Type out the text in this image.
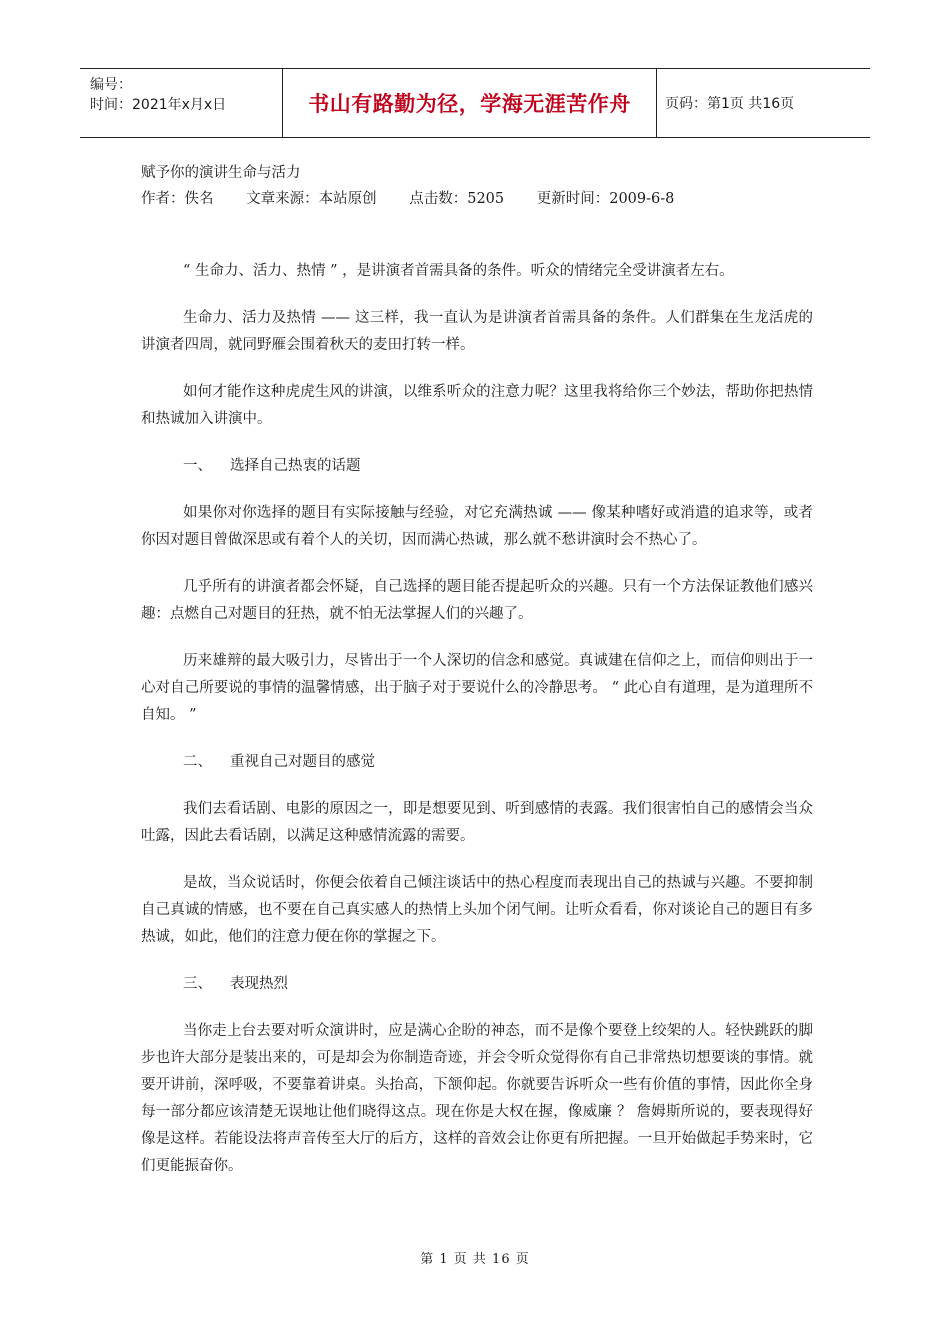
编号：
时间：2021年x月x日	书山有路勤为径，学海无涯苦作舟	页码：第1页 共16页
赋予你的演讲生命与活力
作者：佚名 文章来源：本站原创 点击数：5205 更新时间：2009-6-8

“ 生命力、活力、热情 ” ，是讲演者首需具备的条件。听众的情绪完全受讲演者左右。

生命力、活力及热情 —— 这三样，我一直认为是讲演者首需具备的条件。人们群集在生龙活虎的讲演者四周，就同野雁会围着秋天的麦田打转一样。

如何才能作这种虎虎生风的讲演，以维系听众的注意力呢？这里我将给你三个妙法，帮助你把热情和热诚加入讲演中。

一、 选择自己热衷的话题

如果你对你选择的题目有实际接触与经验，对它充满热诚 —— 像某种嗜好或消遣的追求等，或者你因对题目曾做深思或有着个人的关切，因而满心热诚，那么就不愁讲演时会不热心了。

几乎所有的讲演者都会怀疑，自己选择的题目能否提起听众的兴趣。只有一个方法保证教他们感兴趣：点燃自己对题目的狂热，就不怕无法掌握人们的兴趣了。

历来雄辩的最大吸引力，尽皆出于一个人深切的信念和感觉。真诚建在信仰之上，而信仰则出于一心对自己所要说的事情的温馨情感，出于脑子对于要说什么的冷静思考。 “ 此心自有道理，是为道理所不自知。 ”

二、 重视自己对题目的感觉

我们去看话剧、电影的原因之一，即是想要见到、听到感情的表露。我们很害怕自己的感情会当众吐露，因此去看话剧，以满足这种感情流露的需要。

是故，当众说话时，你便会依着自己倾注谈话中的热心程度而表现出自己的热诚与兴趣。不要抑制自己真诚的情感，也不要在自己真实感人的热情上头加个闭气闸。让听众看看，你对谈论自己的题目有多热诚，如此，他们的注意力便在你的掌握之下。

三、 表现热烈

当你走上台去要对听众演讲时，应是满心企盼的神态，而不是像个要登上绞架的人。轻快跳跃的脚步也许大部分是装出来的，可是却会为你制造奇迹，并会令听众觉得你有自己非常热切想要谈的事情。就要开讲前，深呼吸，不要靠着讲桌。头抬高，下颔仰起。你就要告诉听众一些有价值的事情，因此你全身每一部分都应该清楚无误地让他们晓得这点。现在你是大权在握，像威廉 ？ 詹姆斯所说的，要表现得好像是这样。若能设法将声音传至大厅的后方，这样的音效会让你更有所把握。一旦开始做起手势来时，它们更能振奋你。

第 1 页 共 16 页
